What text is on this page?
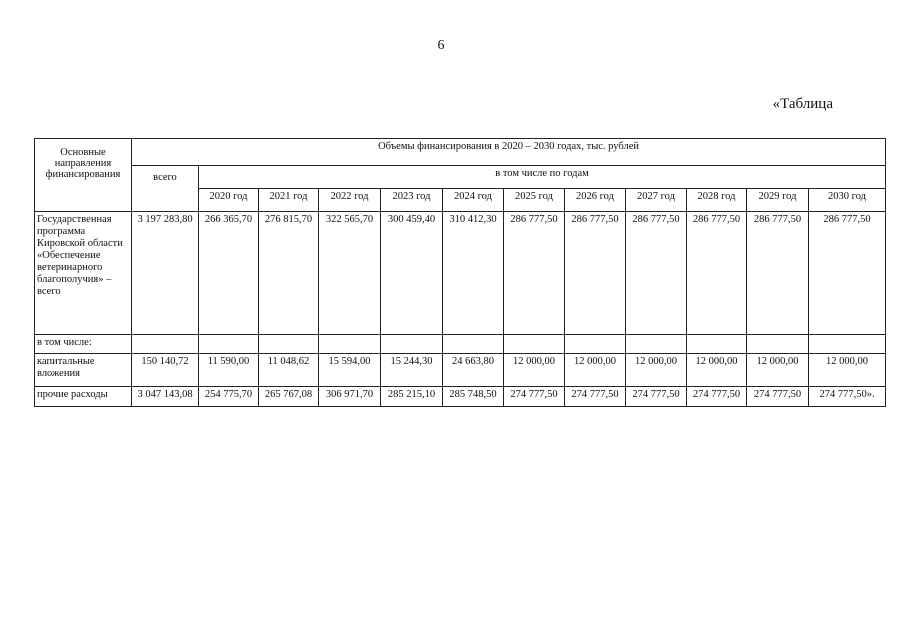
6
«Таблица
Основные направления финансирования	Объемы финансирования в 2020 – 2030 годах, тыс. рублей											
	всего	в том числе по годам										
		2020 год	2021 год	2022 год	2023 год	2024 год	2025 год	2026 год	2027 год	2028 год	2029 год	2030 год
Государственная программа Кировской области «Обеспечение ветеринарного благополучия» – всего	3 197 283,80	266 365,70	276 815,70	322 565,70	300 459,40	310 412,30	286 777,50	286 777,50	286 777,50	286 777,50	286 777,50	286 777,50
в том числе:												
капитальные вложения	150 140,72	11 590,00	11 048,62	15 594,00	15 244,30	24 663,80	12 000,00	12 000,00	12 000,00	12 000,00	12 000,00	12 000,00
прочие расходы	3 047 143,08	254 775,70	265 767,08	306 971,70	285 215,10	285 748,50	274 777,50	274 777,50	274 777,50	274 777,50	274 777,50	274 777,50».
